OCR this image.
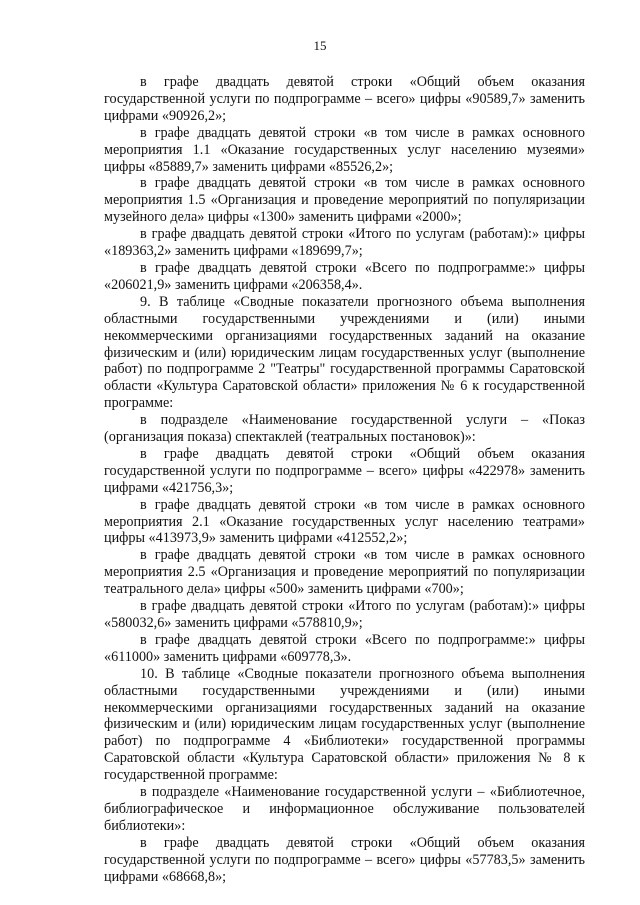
15

в графе двадцать девятой строки «Общий объем оказания государственной услуги по подпрограмме – всего» цифры «90589,7» заменить цифрами «90926,2»;

в графе двадцать девятой строки «в том числе в рамках основного мероприятия 1.1 «Оказание государственных услуг населению музеями» цифры «85889,7» заменить цифрами «85526,2»;

в графе двадцать девятой строки «в том числе в рамках основного мероприятия 1.5 «Организация и проведение мероприятий по популяризации музейного дела» цифры «1300» заменить цифрами «2000»;

в графе двадцать девятой строки «Итого по услугам (работам):» цифры «189363,2» заменить цифрами «189699,7»;

в графе двадцать девятой строки «Всего по подпрограмме:» цифры «206021,9» заменить цифрами «206358,4».

9. В таблице «Сводные показатели прогнозного объема выполнения областными государственными учреждениями и (или) иными некоммерческими организациями государственных заданий на оказание физическим и (или) юридическим лицам государственных услуг (выполнение работ) по подпрограмме 2 "Театры" государственной программы Саратовской области «Культура Саратовской области» приложения № 6 к государственной программе:

в подразделе «Наименование государственной услуги – «Показ (организация показа) спектаклей (театральных постановок)»:

в графе двадцать девятой строки «Общий объем оказания государственной услуги по подпрограмме – всего» цифры «422978» заменить цифрами «421756,3»;

в графе двадцать девятой строки «в том числе в рамках основного мероприятия 2.1 «Оказание государственных услуг населению театрами» цифры «413973,9» заменить цифрами «412552,2»;

в графе двадцать девятой строки «в том числе в рамках основного мероприятия 2.5 «Организация и проведение мероприятий по популяризации театрального дела» цифры «500» заменить цифрами «700»;

в графе двадцать девятой строки «Итого по услугам (работам):» цифры «580032,6» заменить цифрами «578810,9»;

в графе двадцать девятой строки «Всего по подпрограмме:» цифры «611000» заменить цифрами «609778,3».

10. В таблице «Сводные показатели прогнозного объема выполнения областными государственными учреждениями и (или) иными некоммерческими организациями государственных заданий на оказание физическим и (или) юридическим лицам государственных услуг (выполнение работ) по подпрограмме 4 «Библиотеки» государственной программы Саратовской области «Культура Саратовской области» приложения № 8 к государственной программе:

в подразделе «Наименование государственной услуги – «Библиотечное, библиографическое и информационное обслуживание пользователей библиотеки»:

в графе двадцать девятой строки «Общий объем оказания государственной услуги по подпрограмме – всего» цифры «57783,5» заменить цифрами «68668,8»;
